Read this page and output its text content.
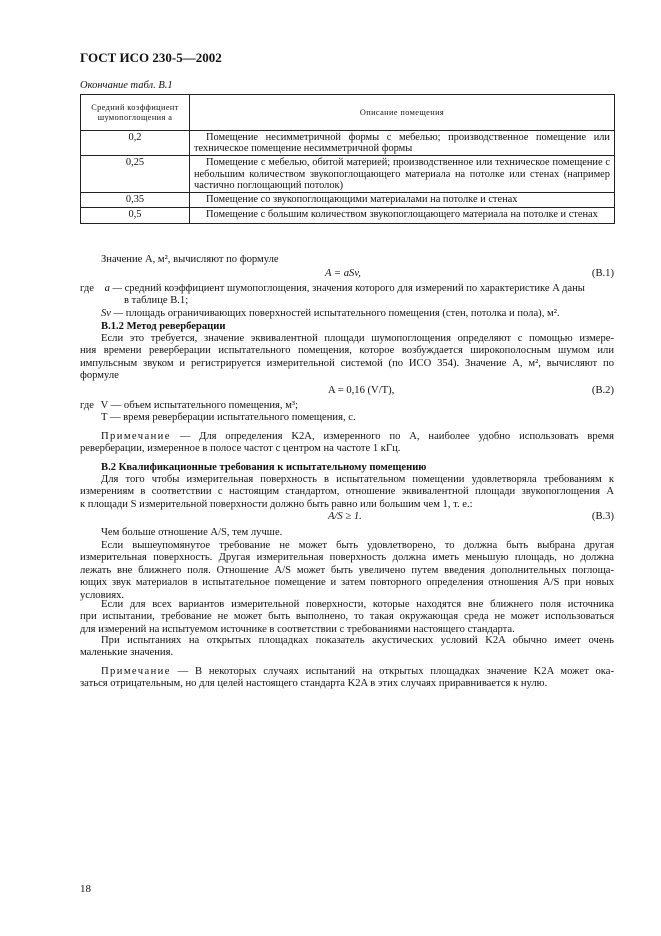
ГОСТ ИСО 230-5—2002
Окончание табл. В.1
Средний коэффициент шумопоглощения а	Описание помещения
0,2	Помещение несимметричной формы с мебелью; производственное помещение или техническое помещение несимметричной формы
0,25	Помещение с мебелью, обитой материей; производственное или техническое помещение с небольшим количеством звукопоглощающего материала на потолке или стенах (например частично поглощающий потолок)
0,35	Помещение со звукопоглощающими материалами на потолке и стенах
0,5	Помещение с большим количеством звукопоглощающего материала на потолке и стенах
Значение A, м², вычисляют по формуле
A = aSv,	(В.1)
где a — средний коэффициент шумопоглощения, значения которого для измерений по характеристике A даны
в таблице В.1;
Sv — площадь ограничивающих поверхностей испытательного помещения (стен, потолка и пола), м².
В.1.2 Метод реверберации
Если это требуется, значение эквивалентной площади шумопоглощения определяют с помощью измере-
ния времени реверберации испытательного помещения, которое возбуждается широкополосным шумом или
импульсным звуком и регистрируется измерительной системой (по ИСО 354). Значение A, м², вычисляют по
формуле
A = 0,16 (V/T),	(В.2)
где V — объем испытательного помещения, м³;
T — время реверберации испытательного помещения, с.
Примечание — Для определения K2A, измеренного по A, наиболее удобно использовать время
реверберации, измеренное в полосе частот с центром на частоте 1 кГц.
В.2 Квалификационные требования к испытательному помещению
Для того чтобы измерительная поверхность в испытательном помещении удовлетворяла требованиям к
измерениям в соответствии с настоящим стандартом, отношение эквивалентной площади звукопоглощения A
к площади S измерительной поверхности должно быть равно или большим чем 1, т. е.:
A/S ≥ 1.	(В.3)
Чем больше отношение A/S, тем лучше.
Если вышеупомянутое требование не может быть удовлетворено, то должна быть выбрана другая
измерительная поверхность. Другая измерительная поверхность должна иметь меньшую площадь, но должна
лежать вне ближнего поля. Отношение A/S может быть увеличено путем введения дополнительных поглоща-
ющих звук материалов в испытательное помещение и затем повторного определения отношения A/S при новых
условиях.
Если для всех вариантов измерительной поверхности, которые находятся вне ближнего поля источника
при испытании, требование не может быть выполнено, то такая окружающая среда не может использоваться
для измерений на испытуемом источнике в соответствии с требованиями настоящего стандарта.
При испытаниях на открытых площадках показатель акустических условий K2A обычно имеет очень
маленькие значения.
Примечание — В некоторых случаях испытаний на открытых площадках значение K2A может ока-
заться отрицательным, но для целей настоящего стандарта K2A в этих случаях приравнивается к нулю.
18
